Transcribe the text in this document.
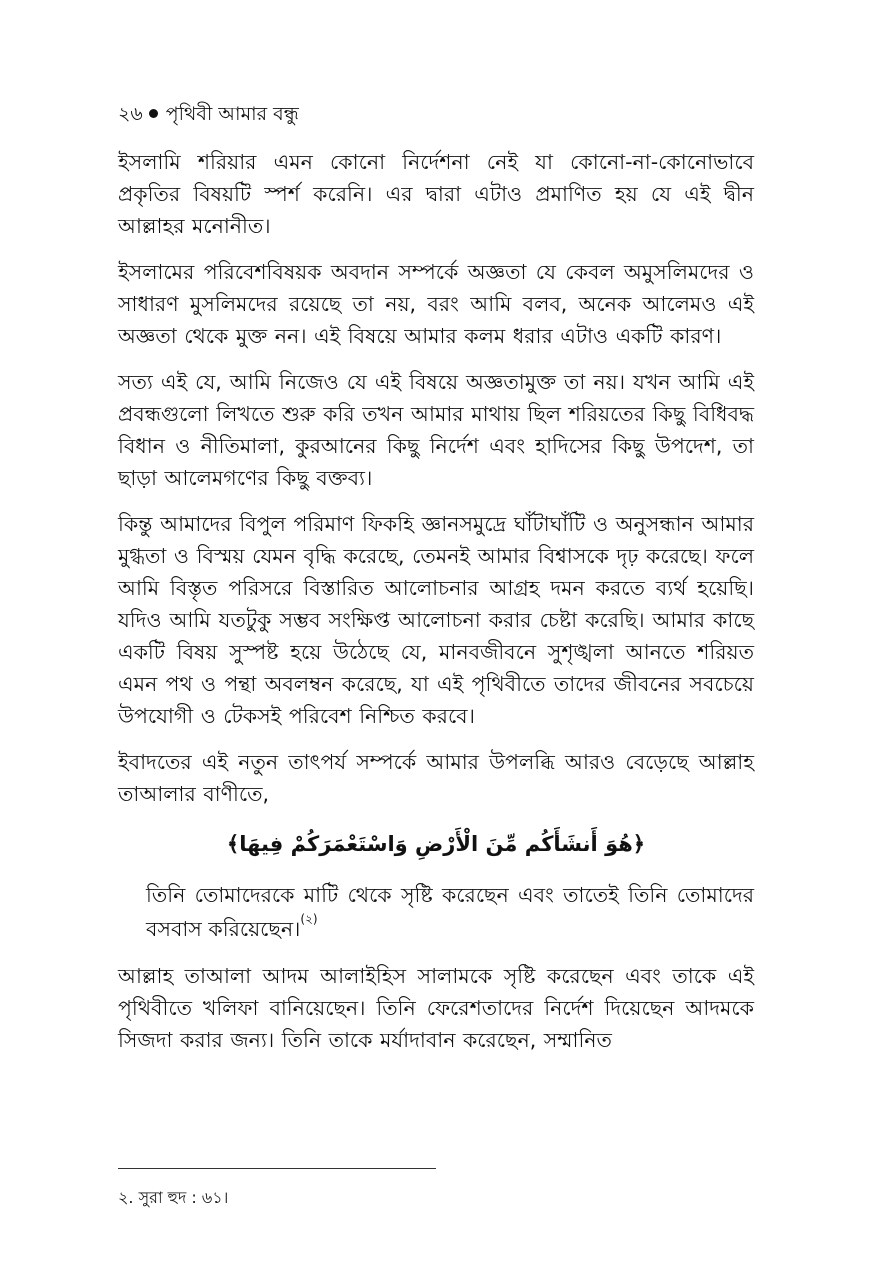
২৬ পৃথিবী আমার বন্ধু

ইসলামি শরিয়ার এমন কোনো নির্দেশনা নেই যা কোনো-না-কোনোভাবে প্রকৃতির বিষয়টি স্পর্শ করেনি। এর দ্বারা এটাও প্রমাণিত হয় যে এই দ্বীন আল্লাহর মনোনীত।

ইসলামের পরিবেশবিষয়ক অবদান সম্পর্কে অজ্ঞতা যে কেবল অমুসলিমদের ও সাধারণ মুসলিমদের রয়েছে তা নয়, বরং আমি বলব, অনেক আলেমও এই অজ্ঞতা থেকে মুক্ত নন। এই বিষয়ে আমার কলম ধরার এটাও একটি কারণ।

সত্য এই যে, আমি নিজেও যে এই বিষয়ে অজ্ঞতামুক্ত তা নয়। যখন আমি এই প্রবন্ধগুলো লিখতে শুরু করি তখন আমার মাথায় ছিল শরিয়তের কিছু বিধিবদ্ধ বিধান ও নীতিমালা, কুরআনের কিছু নির্দেশ এবং হাদিসের কিছু উপদেশ, তা ছাড়া আলেমগণের কিছু বক্তব্য।

কিন্তু আমাদের বিপুল পরিমাণ ফিকহি জ্ঞানসমুদ্রে ঘাঁটাঘাঁটি ও অনুসন্ধান আমার মুগ্ধতা ও বিস্ময় যেমন বৃদ্ধি করেছে, তেমনই আমার বিশ্বাসকে দৃঢ় করেছে। ফলে আমি বিস্তৃত পরিসরে বিস্তারিত আলোচনার আগ্রহ দমন করতে ব্যর্থ হয়েছি। যদিও আমি যতটুকু সম্ভব সংক্ষিপ্ত আলোচনা করার চেষ্টা করেছি। আমার কাছে একটি বিষয় সুস্পষ্ট হয়ে উঠেছে যে, মানবজীবনে সুশৃঙ্খলা আনতে শরিয়ত এমন পথ ও পন্থা অবলম্বন করেছে, যা এই পৃথিবীতে তাদের জীবনের সবচেয়ে উপযোগী ও টেকসই পরিবেশ নিশ্চিত করবে।

ইবাদতের এই নতুন তাৎপর্য সম্পর্কে আমার উপলব্ধি আরও বেড়েছে আল্লাহ তাআলার বাণীতে,

﴿هُوَ أَنشَأَكُم مِّنَ الْأَرْضِ وَاسْتَعْمَرَكُمْ فِيهَا﴾

তিনি তোমাদেরকে মাটি থেকে সৃষ্টি করেছেন এবং তাতেই তিনি তোমাদের বসবাস করিয়েছেন।$^{(২)}$

আল্লাহ তাআলা আদম আলাইহিস সালামকে সৃষ্টি করেছেন এবং তাকে এই পৃথিবীতে খলিফা বানিয়েছেন। তিনি ফেরেশতাদের নির্দেশ দিয়েছেন আদমকে সিজদা করার জন্য। তিনি তাকে মর্যাদাবান করেছেন, সম্মানিত

২. সুরা হুদ : ৬১।
